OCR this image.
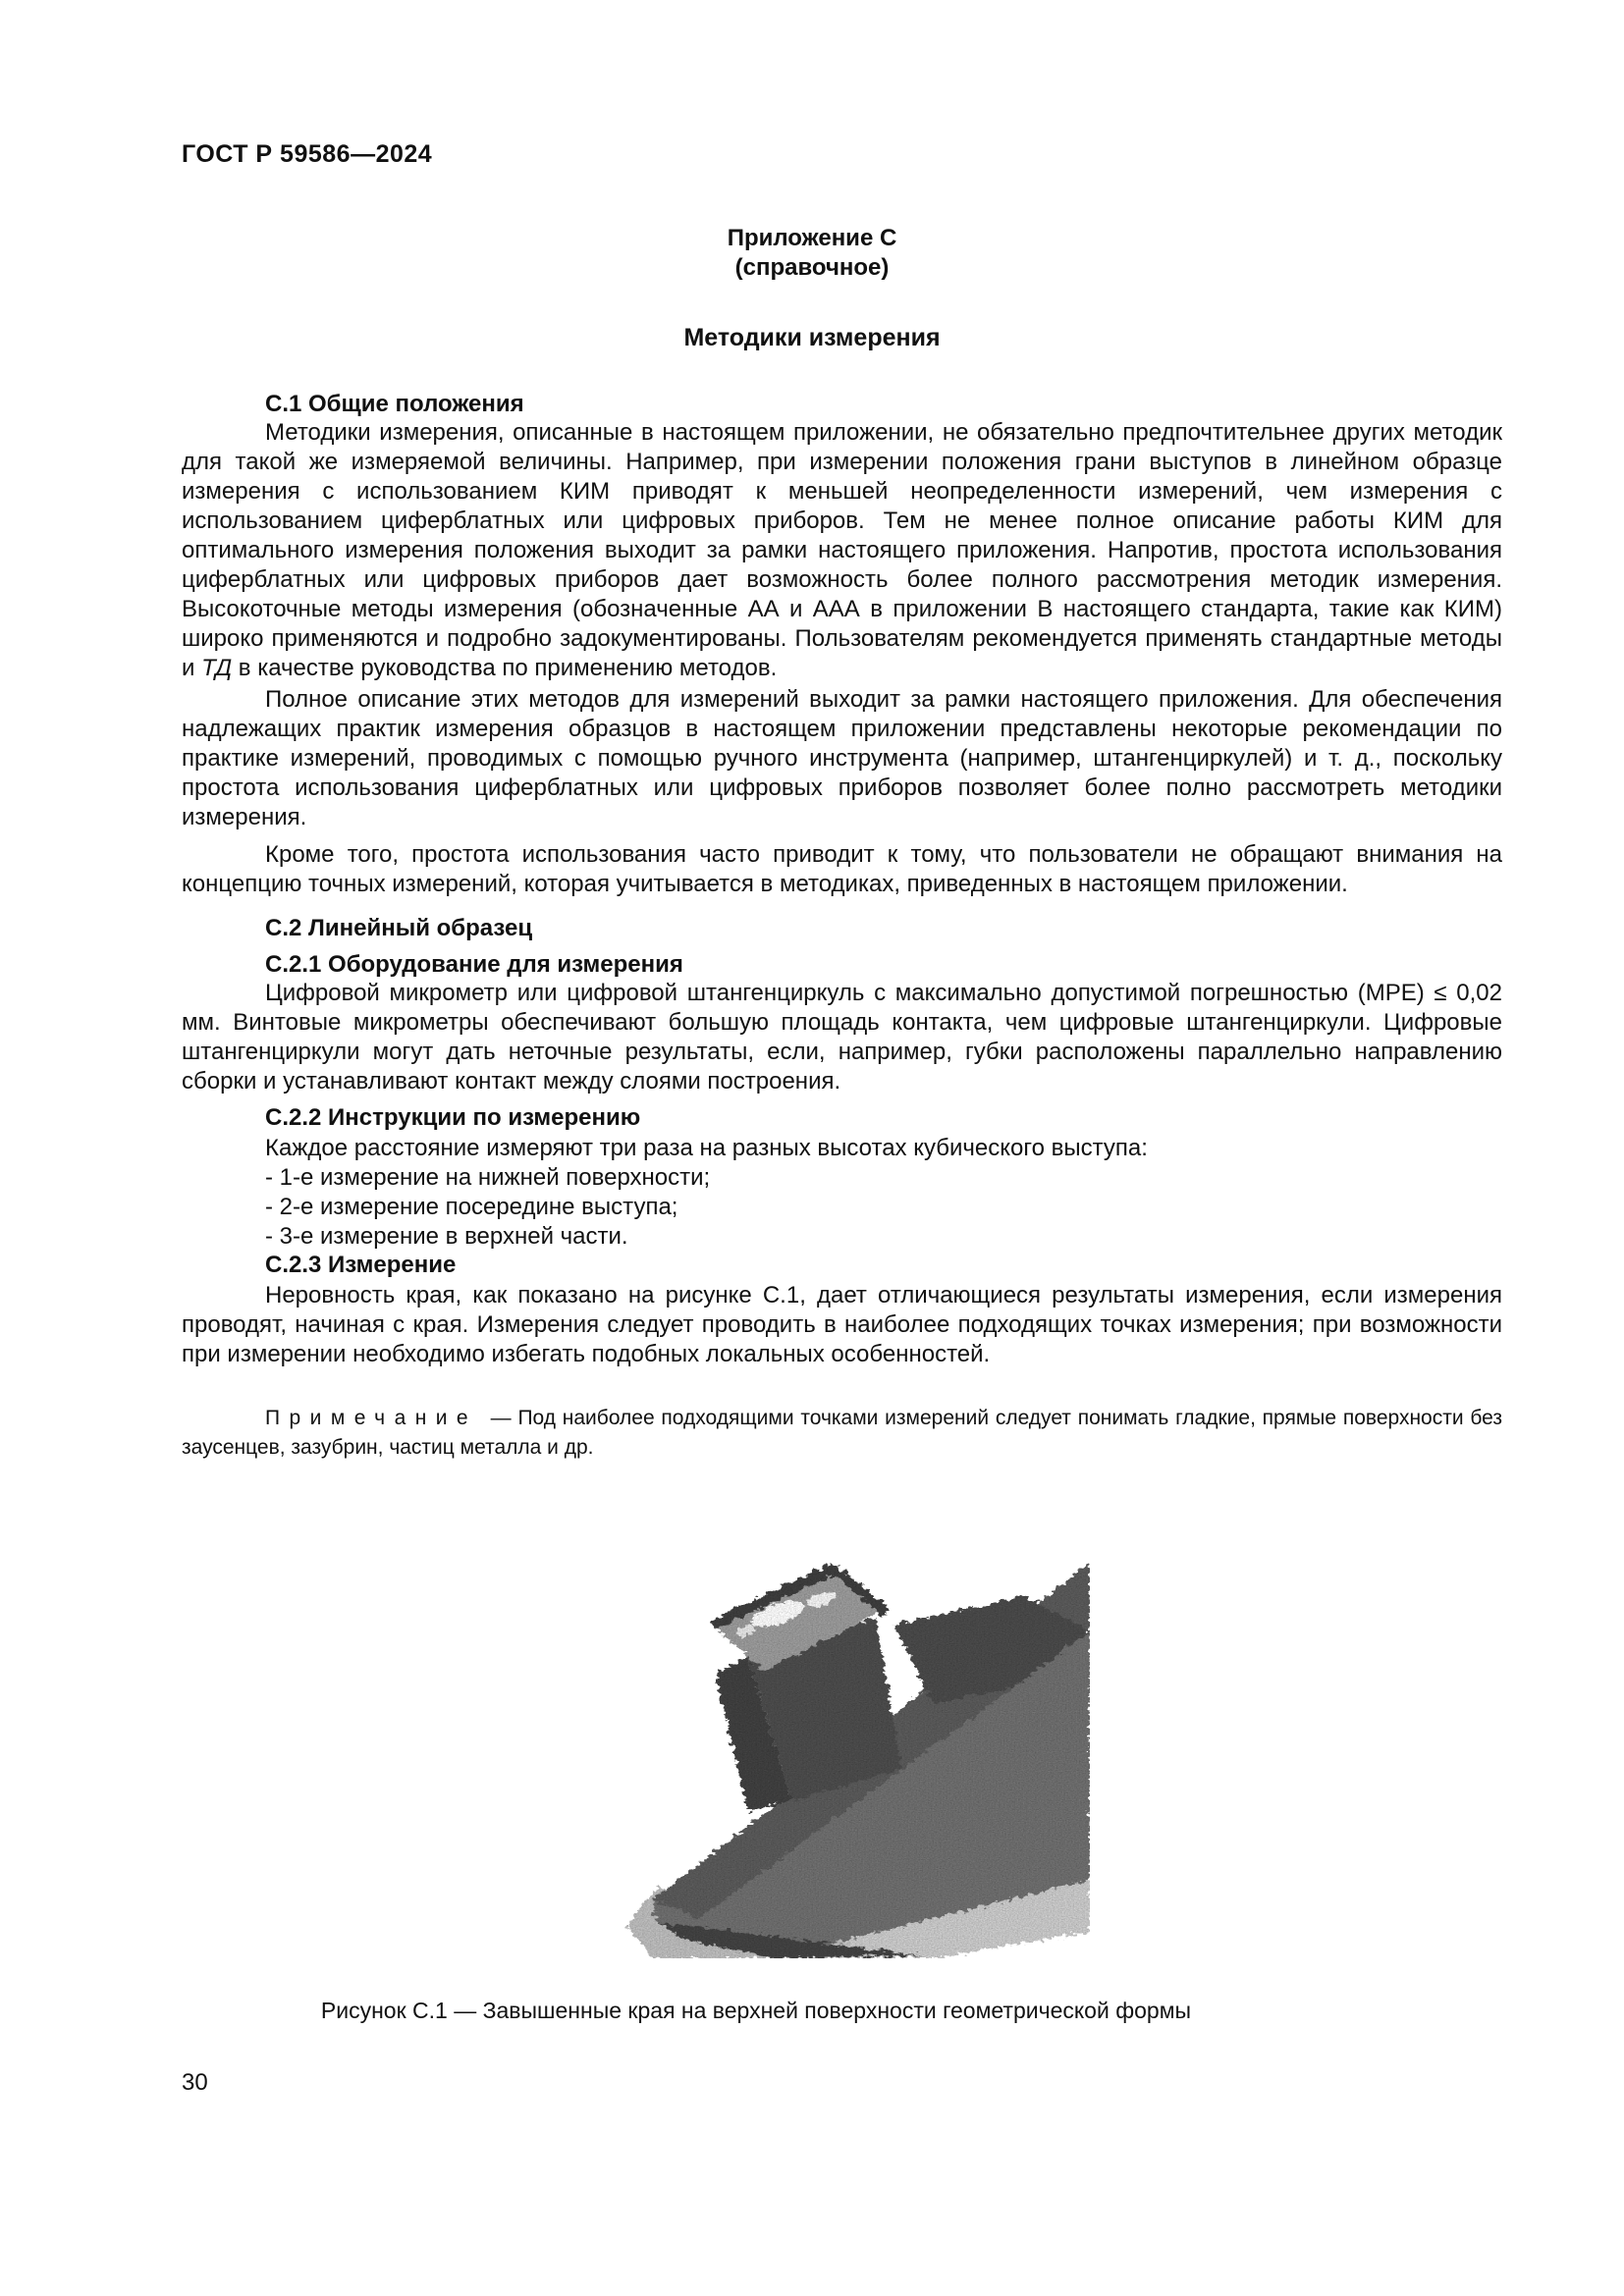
ГОСТ Р 59586—2024
Приложение С
(справочное)
Методики измерения
С.1 Общие положения

Методики измерения, описанные в настоящем приложении, не обязательно предпочтительнее других методик для такой же измеряемой величины. Например, при измерении положения грани выступов в линейном образце измерения с использованием КИМ приводят к меньшей неопределенности измерений, чем измерения с использованием циферблатных или цифровых приборов. Тем не менее полное описание работы КИМ для оптимального измерения положения выходит за рамки настоящего приложения. Напротив, простота использования циферблатных или цифровых приборов дает возможность более полного рассмотрения методик измерения. Высокоточные методы измерения (обозначенные АА и ААА в приложении В настоящего стандарта, такие как КИМ) широко применяются и подробно задокументированы. Пользователям рекомендуется применять стандартные методы и ТД в качестве руководства по применению методов.

Полное описание этих методов для измерений выходит за рамки настоящего приложения. Для обеспечения надлежащих практик измерения образцов в настоящем приложении представлены некоторые рекомендации по практике измерений, проводимых с помощью ручного инструмента (например, штангенциркулей) и т. д., поскольку простота использования циферблатных или цифровых приборов позволяет более полно рассмотреть методики измерения.

Кроме того, простота использования часто приводит к тому, что пользователи не обращают внимания на концепцию точных измерений, которая учитывается в методиках, приведенных в настоящем приложении.

С.2 Линейный образец
С.2.1 Оборудование для измерения

Цифровой микрометр или цифровой штангенциркуль с максимально допустимой погрешностью (MPE) ≤ 0,02 мм. Винтовые микрометры обеспечивают большую площадь контакта, чем цифровые штангенциркули. Цифровые штангенциркули могут дать неточные результаты, если, например, губки расположены параллельно направлению сборки и устанавливают контакт между слоями построения.

С.2.2 Инструкции по измерению
Каждое расстояние измеряют три раза на разных высотах кубического выступа:
- 1-е измерение на нижней поверхности;
- 2-е измерение посередине выступа;
- 3-е измерение в верхней части.
С.2.3 Измерение

Неровность края, как показано на рисунке С.1, дает отличающиеся результаты измерения, если измерения проводят, начиная с края. Измерения следует проводить в наиболее подходящих точках измерения; при возможности при измерении необходимо избегать подобных локальных особенностей.

Примечание — Под наиболее подходящими точками измерений следует понимать гладкие, прямые поверхности без заусенцев, зазубрин, частиц металла и др.

Рисунок С.1 — Завышенные края на верхней поверхности геометрической формы
30
